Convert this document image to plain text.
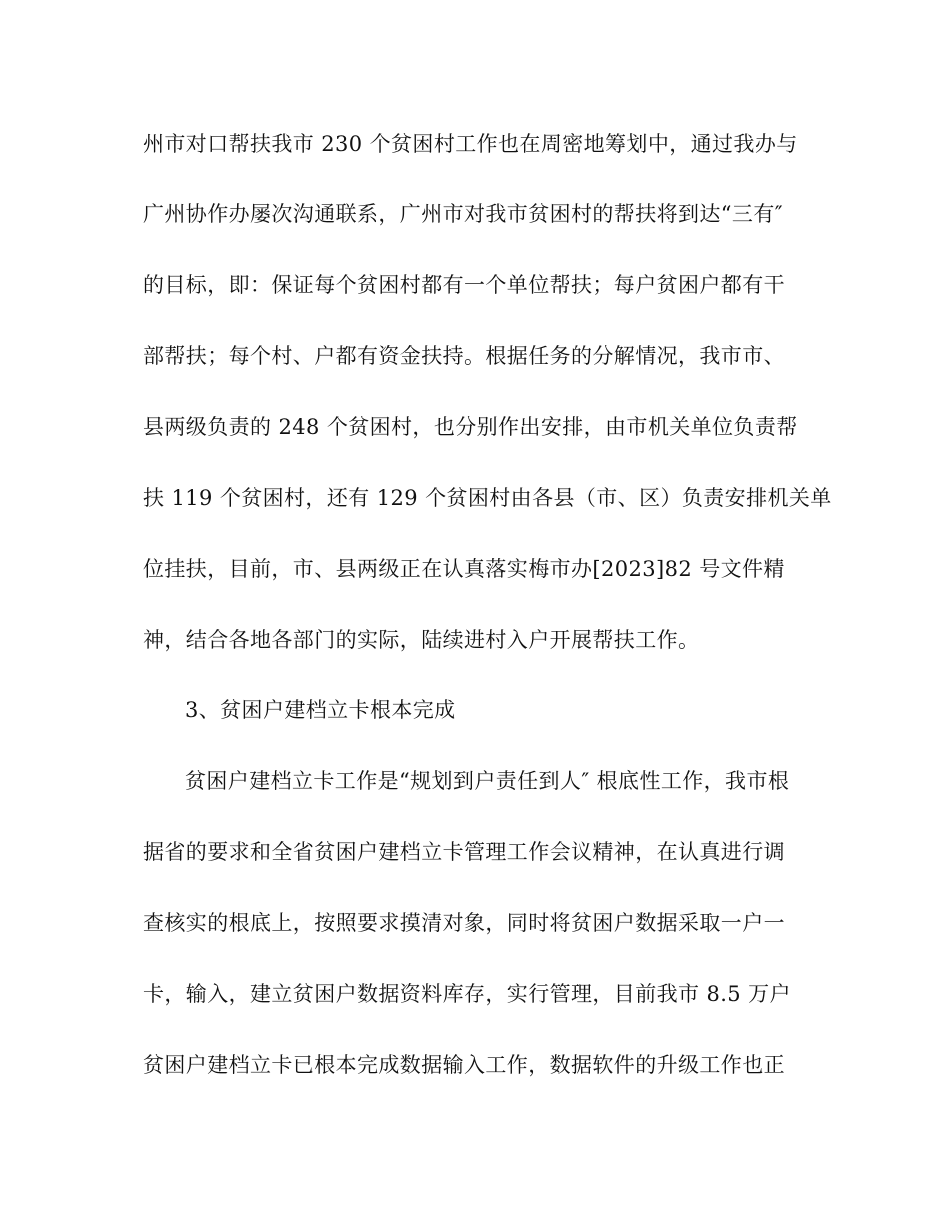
州市对口帮扶我市 230 个贫困村工作也在周密地筹划中，通过我办与
广州协作办屡次沟通联系，广州市对我市贫困村的帮扶将到达“三有″
的目标，即：保证每个贫困村都有一个单位帮扶；每户贫困户都有干
部帮扶；每个村、户都有资金扶持。根据任务的分解情况，我市市、
县两级负责的 248 个贫困村，也分别作出安排，由市机关单位负责帮
扶 119 个贫困村，还有 129 个贫困村由各县（市、区）负责安排机关单
位挂扶，目前，市、县两级正在认真落实梅市办[2023]82 号文件精
神，结合各地各部门的实际，陆续进村入户开展帮扶工作。
3、贫困户建档立卡根本完成
贫困户建档立卡工作是“规划到户责任到人″ 根底性工作，我市根
据省的要求和全省贫困户建档立卡管理工作会议精神，在认真进行调
查核实的根底上，按照要求摸清对象，同时将贫困户数据采取一户一
卡，输入，建立贫困户数据资料库存，实行管理，目前我市 8.5 万户
贫困户建档立卡已根本完成数据输入工作，数据软件的升级工作也正
